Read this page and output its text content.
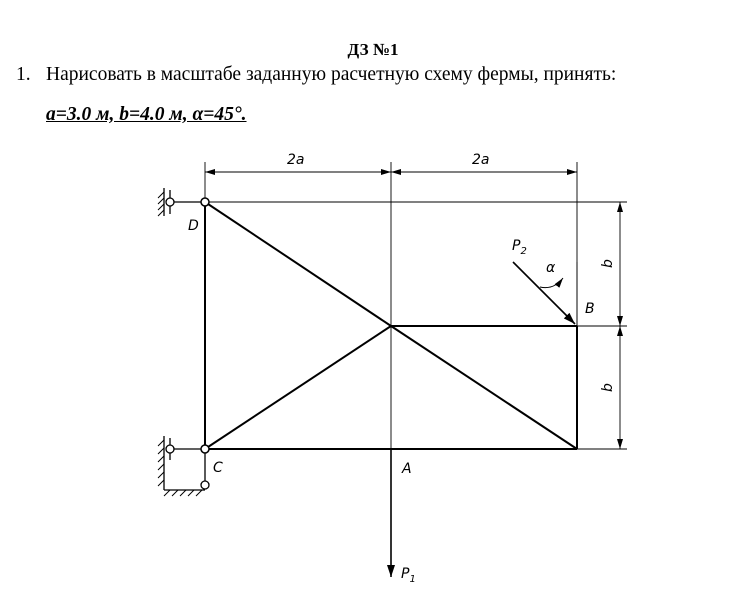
ДЗ №1
1. Нарисовать в масштабе заданную расчетную схему фермы, принять:
a=3.0 м, b=4.0 м, α=45°.
2a	2a
b
b
D
C	A
B
$P_2$
α
$P_1$
